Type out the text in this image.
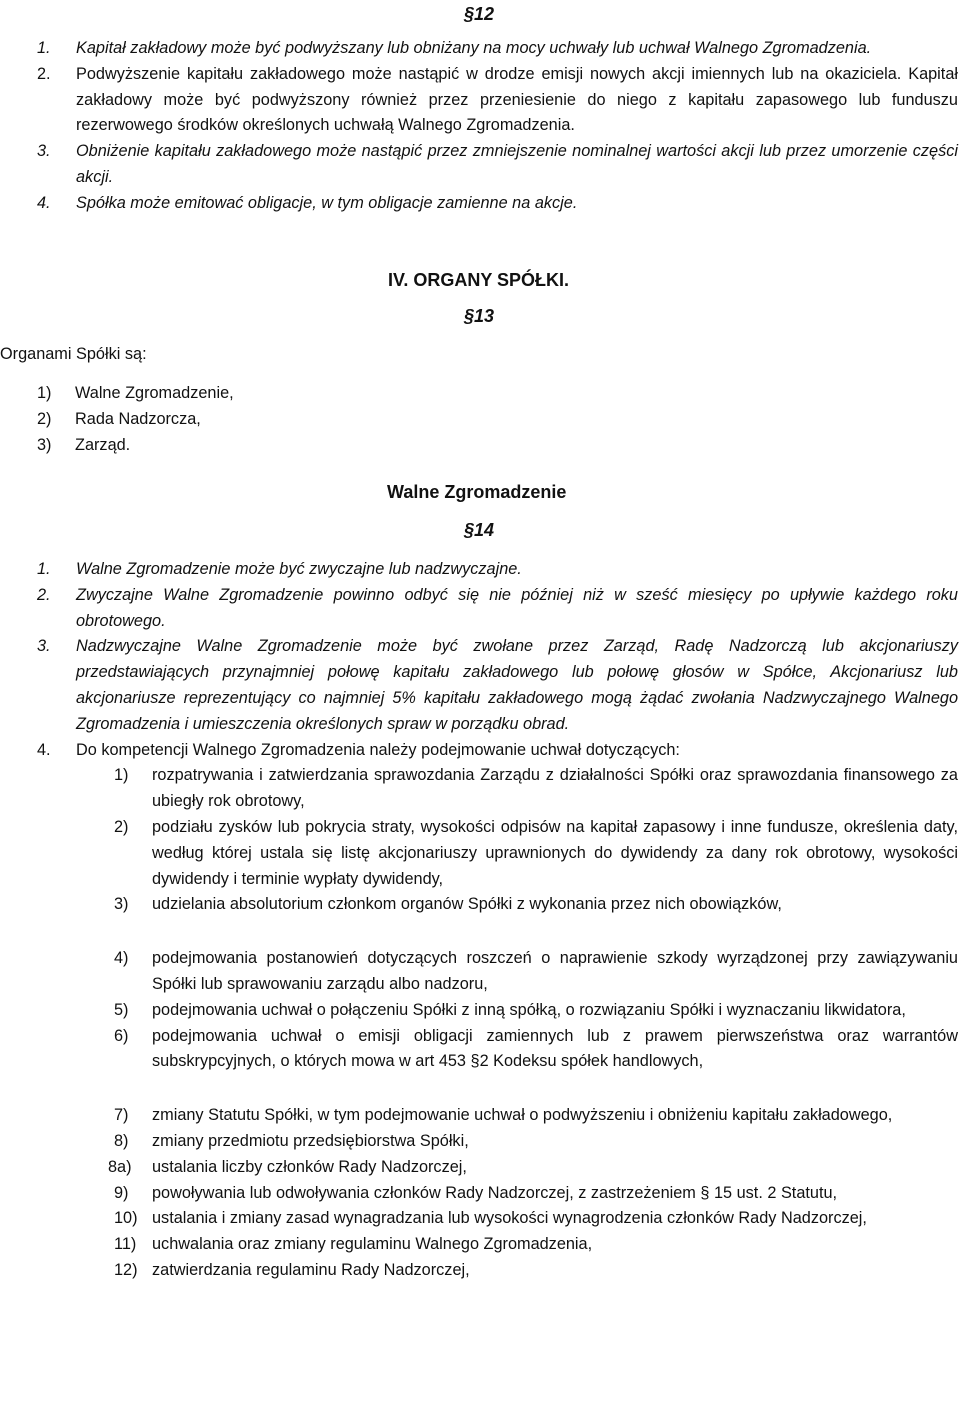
§12
1. Kapitał zakładowy może być podwyższany lub obniżany na mocy uchwały lub uchwał Walnego Zgromadzenia.
2. Podwyższenie kapitału zakładowego może nastąpić w drodze emisji nowych akcji imiennych lub na okaziciela. Kapitał zakładowy może być podwyższony również przez przeniesienie do niego z kapitału zapasowego lub funduszu rezerwowego środków określonych uchwałą Walnego Zgromadzenia.
3. Obniżenie kapitału zakładowego może nastąpić przez zmniejszenie nominalnej wartości akcji lub przez umorzenie części akcji.
4. Spółka może emitować obligacje, w tym obligacje zamienne na akcje.
IV. ORGANY SPÓŁKI.
§13
Organami Spółki są:
1) Walne Zgromadzenie,
2) Rada Nadzorcza,
3) Zarząd.
Walne Zgromadzenie
§14
1. Walne Zgromadzenie może być zwyczajne lub nadzwyczajne.
2. Zwyczajne Walne Zgromadzenie powinno odbyć się nie później niż w sześć miesięcy po upływie każdego roku obrotowego.
3. Nadzwyczajne Walne Zgromadzenie może być zwołane przez Zarząd, Radę Nadzorczą lub akcjonariuszy przedstawiających przynajmniej połowę kapitału zakładowego lub połowę głosów w Spółce, Akcjonariusz lub akcjonariusze reprezentujący co najmniej 5% kapitału zakładowego mogą żądać zwołania Nadzwyczajnego Walnego Zgromadzenia i umieszczenia określonych spraw w porządku obrad.
4. Do kompetencji Walnego Zgromadzenia należy podejmowanie uchwał dotyczących:
1) rozpatrywania i zatwierdzania sprawozdania Zarządu z działalności Spółki oraz sprawozdania finansowego za ubiegły rok obrotowy,
2) podziału zysków lub pokrycia straty, wysokości odpisów na kapitał zapasowy i inne fundusze, określenia daty, według której ustala się listę akcjonariuszy uprawnionych do dywidendy za dany rok obrotowy, wysokości dywidendy i terminie wypłaty dywidendy,
3) udzielania absolutorium członkom organów Spółki z wykonania przez nich obowiązków,
4) podejmowania postanowień dotyczących roszczeń o naprawienie szkody wyrządzonej przy zawiązywaniu Spółki lub sprawowaniu zarządu albo nadzoru,
5) podejmowania uchwał o połączeniu Spółki z inną spółką, o rozwiązaniu Spółki i wyznaczaniu likwidatora,
6) podejmowania uchwał o emisji obligacji zamiennych lub z prawem pierwszeństwa oraz warrantów subskrypcyjnych, o których mowa w art 453 §2 Kodeksu spółek handlowych,
7) zmiany Statutu Spółki, w tym podejmowanie uchwał o podwyższeniu i obniżeniu kapitału zakładowego,
8) zmiany przedmiotu przedsiębiorstwa Spółki,
8a) ustalania liczby członków Rady Nadzorczej,
9) powoływania lub odwoływania członków Rady Nadzorczej, z zastrzeżeniem § 15 ust. 2 Statutu,
10) ustalania i zmiany zasad wynagradzania lub wysokości wynagrodzenia członków Rady Nadzorczej,
11) uchwalania oraz zmiany regulaminu Walnego Zgromadzenia,
12) zatwierdzania regulaminu Rady Nadzorczej,
